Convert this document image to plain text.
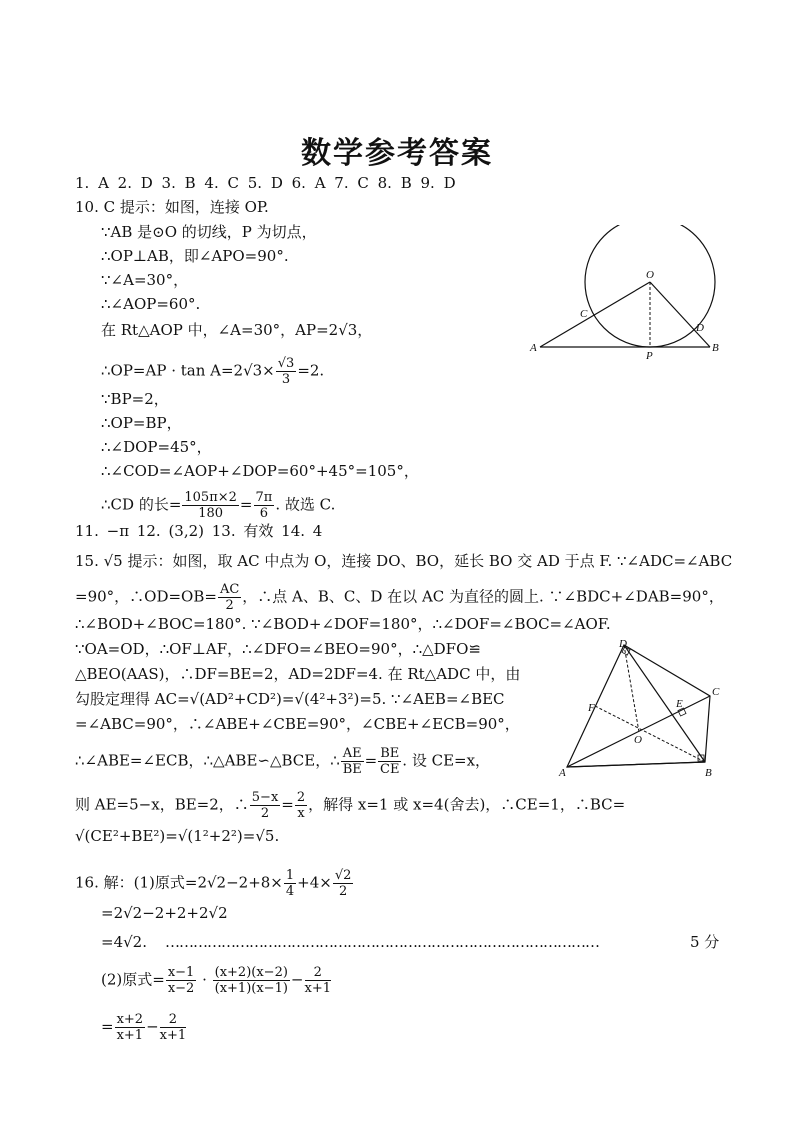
数学参考答案
1. A 2. D 3. B 4. C 5. D 6. A 7. C 8. B 9. D
10. C 提示：如图，连接 OP.
∵AB 是⊙O 的切线，P 为切点，
∴OP⊥AB，即∠APO=90°.
∵∠A=30°，
∴∠AOP=60°.
在 Rt△AOP 中，∠A=30°，AP=2√3，
∴OP=AP · $\tan A=2√3\times \frac{√3}{3} =2$.
∵BP=2，
∴OP=BP，
∴∠DOP=45°，
∴∠COD=∠AOP+∠DOP=60°+45°=105°，
∴CD 的长= $\frac{105\pi\times 2}{180} = \frac{7\pi}{6}$ . 故选 C.
O
C
D
A
P
B
11. −π 12. (3,2) 13. 有效 14. 4
15. √5 提示：如图，取 AC 中点为 O，连接 DO、BO，延长 BO 交 AD 于点 F. ∵∠ADC=∠ABC
=90°，∴OD=OB= $\frac{AC}{2}$ ，∴点 A、B、C、D 在以 AC 为直径的圆上. ∵∠BDC+∠DAB=90°，
∴∠BOD+∠BOC=180°. ∵∠BOD+∠DOF=180°，∴∠DOF=∠BOC=∠AOF.
∵OA=OD，∴OF⊥AF，∴∠DFO=∠BEO=90°，∴△DFO≌
△BEO(AAS)，∴DF=BE=2，AD=2DF=4. 在 Rt△ADC 中，由
勾股定理得 AC=√(AD²+CD²)=√(4²+3²)=5. ∵∠AEB=∠BEC
=∠ABC=90°，∴∠ABE+∠CBE=90°，∠CBE+∠ECB=90°，
∴∠ABE=∠ECB，∴△ABE∽△BCE，∴ $\frac{AE}{BE} = \frac{BE}{CE}$ . 设 CE=x，
则 AE=5−x，BE=2，∴ $\frac{5-x}{2} = \frac{2}{x}$ ，解得 x=1 或 x=4(舍去)，∴CE=1，∴BC=
√(CE²+BE²)=√(1²+2²)=√5.
D
C
F	E
O
A	B
16. 解：(1)原式$=2√2-2+8\times \frac{1}{4} +4\times \frac{√2}{2}$
=2√2−2+2+2√2
=4√2. …………………………………………………………………………………	5 分
(2)原式= $\frac{x-1}{x-2} \cdot \frac{(x+2)(x-2)}{(x+1)(x-1)} - \frac{2}{x+1}$
= $\frac{x+2}{x+1} - \frac{2}{x+1}$
